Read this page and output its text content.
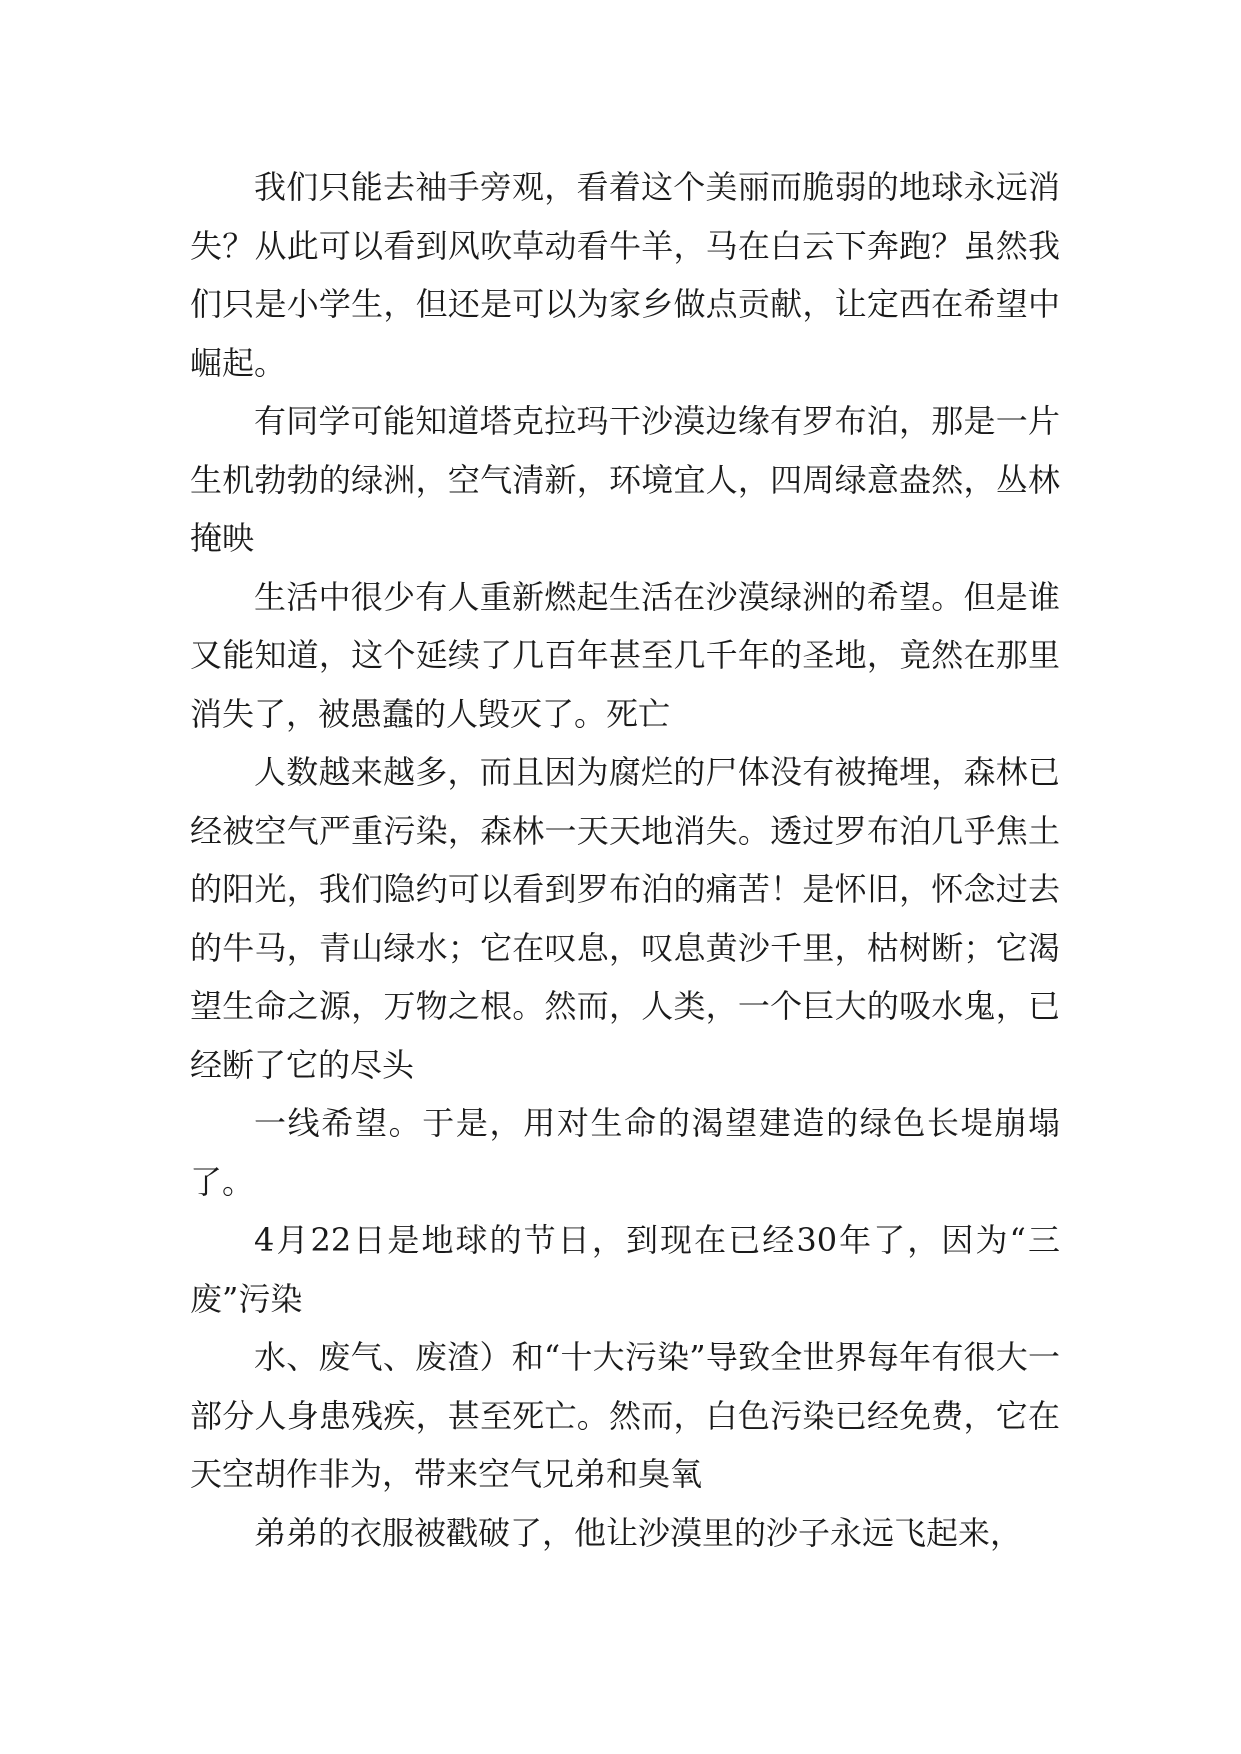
我们只能去袖手旁观，看着这个美丽而脆弱的地球永远消失？从此可以看到风吹草动看牛羊，马在白云下奔跑？虽然我们只是小学生，但还是可以为家乡做点贡献，让定西在希望中崛起。

有同学可能知道塔克拉玛干沙漠边缘有罗布泊，那是一片生机勃勃的绿洲，空气清新，环境宜人，四周绿意盎然，丛林掩映

生活中很少有人重新燃起生活在沙漠绿洲的希望。但是谁又能知道，这个延续了几百年甚至几千年的圣地，竟然在那里消失了，被愚蠢的人毁灭了。死亡

人数越来越多，而且因为腐烂的尸体没有被掩埋，森林已经被空气严重污染，森林一天天地消失。透过罗布泊几乎焦土的阳光，我们隐约可以看到罗布泊的痛苦！是怀旧，怀念过去的牛马，青山绿水；它在叹息，叹息黄沙千里，枯树断；它渴望生命之源，万物之根。然而，人类，一个巨大的吸水鬼，已经断了它的尽头

一线希望。于是，用对生命的渴望建造的绿色长堤崩塌了。

4月22日是地球的节日，到现在已经30年了，因为“三废”污染

水、废气、废渣）和“十大污染”导致全世界每年有很大一部分人身患残疾，甚至死亡。然而，白色污染已经免费，它在天空胡作非为，带来空气兄弟和臭氧

弟弟的衣服被戳破了，他让沙漠里的沙子永远飞起来，
